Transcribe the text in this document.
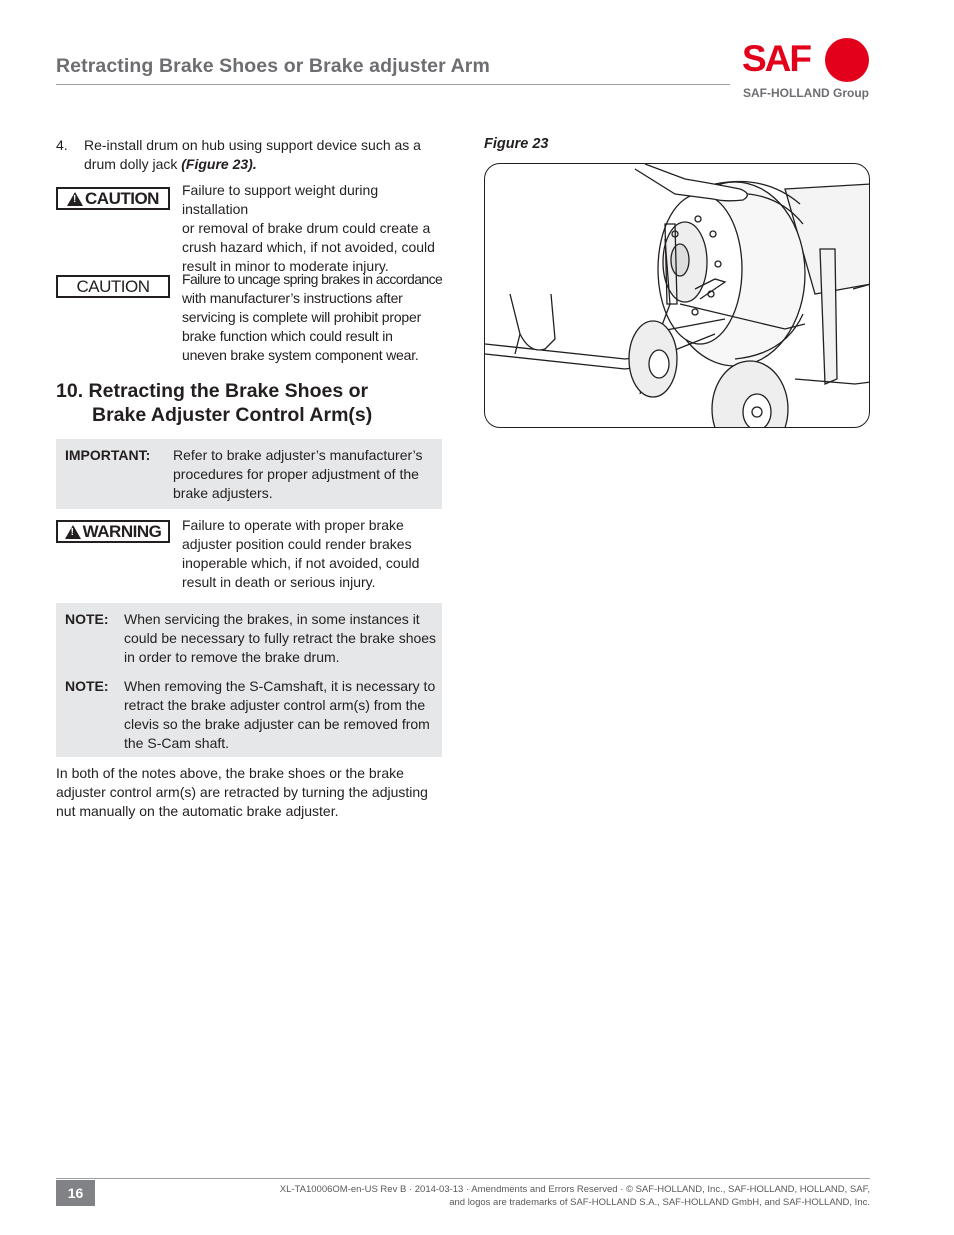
Retracting Brake Shoes or Brake adjuster Arm	SAF
SAF-HOLLAND Group
4. Re-install drum on hub using support device such as a
drum dolly jack (Figure 23).
!
CAUTION Failure to support weight during installation
or removal of brake drum could create a
crush hazard which, if not avoided, could
result in minor to moderate injury.
CAUTION Failure to uncage spring brakes in accordance
with manufacturer’s instructions after
servicing is complete will prohibit proper
brake function which could result in
uneven brake system component wear.
10. Retracting the Brake Shoes or
Brake Adjuster Control Arm(s)
IMPORTANT: Refer to brake adjuster’s manufacturer’s
procedures for proper adjustment of the
brake adjusters.
!
WARNING Failure to operate with proper brake
adjuster position could render brakes
inoperable which, if not avoided, could
result in death or serious injury.
NOTE: When servicing the brakes, in some instances it
could be necessary to fully retract the brake shoes
in order to remove the brake drum.
NOTE: When removing the S-Camshaft, it is necessary to
retract the brake adjuster control arm(s) from the
clevis so the brake adjuster can be removed from
the S-Cam shaft.
In both of the notes above, the brake shoes or the brake
adjuster control arm(s) are retracted by turning the adjusting
nut manually on the automatic brake adjuster.
Figure 23
16	XL-TA10006OM-en-US Rev B · 2014-03-13 · Amendments and Errors Reserved · © SAF-HOLLAND, Inc., SAF-HOLLAND, HOLLAND, SAF,
and logos are trademarks of SAF-HOLLAND S.A., SAF-HOLLAND GmbH, and SAF-HOLLAND, Inc.
